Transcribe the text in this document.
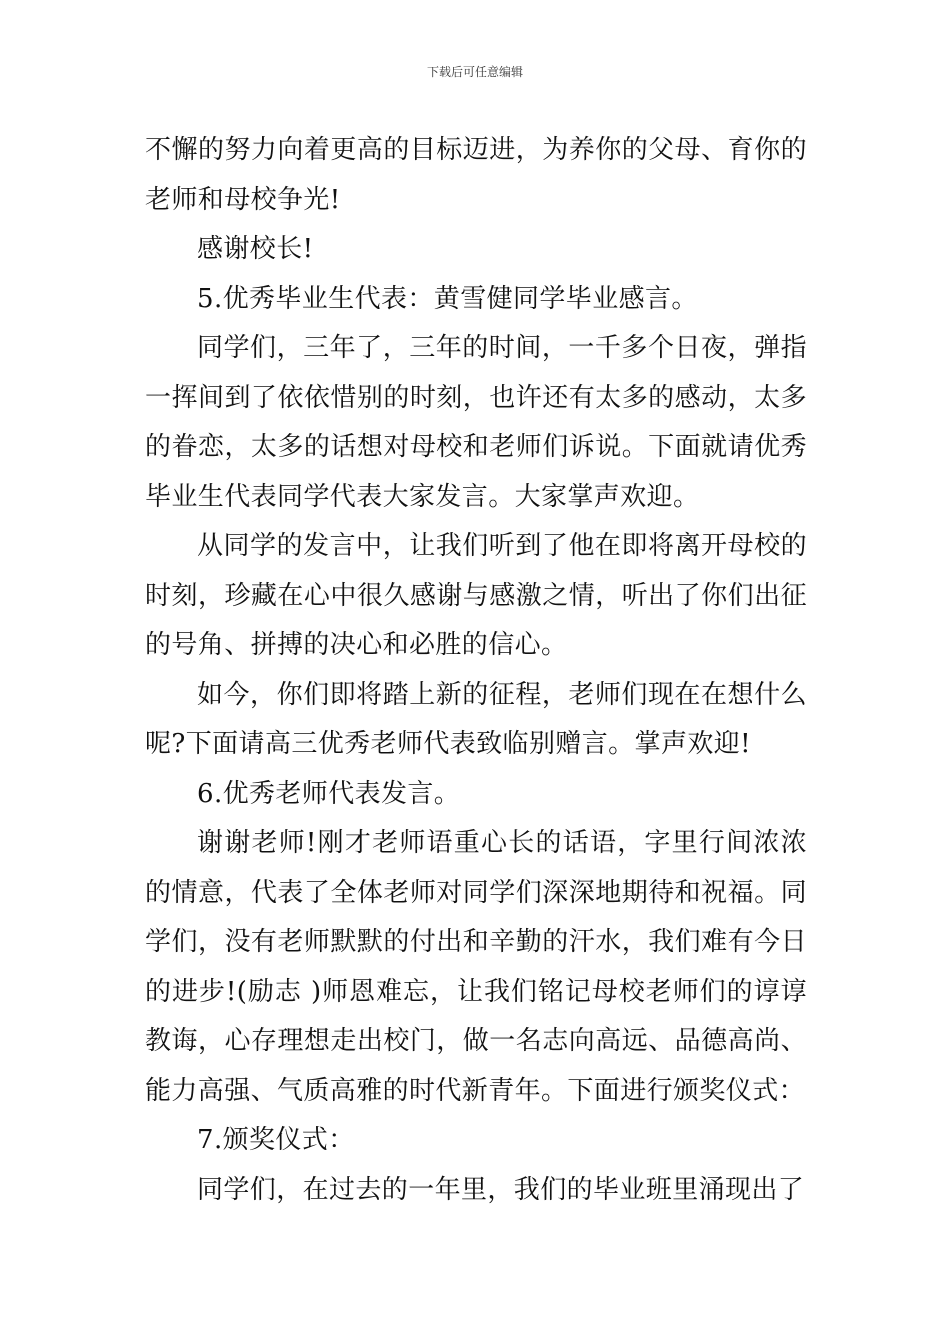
下载后可任意编辑

不懈的努力向着更高的目标迈进，为养你的父母、育你的老师和母校争光!

感谢校长!

5.优秀毕业生代表：黄雪健同学毕业感言。

同学们，三年了，三年的时间，一千多个日夜，弹指一挥间到了依依惜别的时刻，也许还有太多的感动，太多的眷恋，太多的话想对母校和老师们诉说。下面就请优秀毕业生代表同学代表大家发言。大家掌声欢迎。

从同学的发言中，让我们听到了他在即将离开母校的时刻，珍藏在心中很久感谢与感激之情，听出了你们出征的号角、拼搏的决心和必胜的信心。

如今，你们即将踏上新的征程，老师们现在在想什么呢?下面请高三优秀老师代表致临别赠言。掌声欢迎!

6.优秀老师代表发言。

谢谢老师!刚才老师语重心长的话语，字里行间浓浓的情意，代表了全体老师对同学们深深地期待和祝福。同学们，没有老师默默的付出和辛勤的汗水，我们难有今日的进步!(励志 )师恩难忘，让我们铭记母校老师们的谆谆教诲，心存理想走出校门，做一名志向高远、品德高尚、能力高强、气质高雅的时代新青年。下面进行颁奖仪式：

7.颁奖仪式：

同学们，在过去的一年里，我们的毕业班里涌现出了
